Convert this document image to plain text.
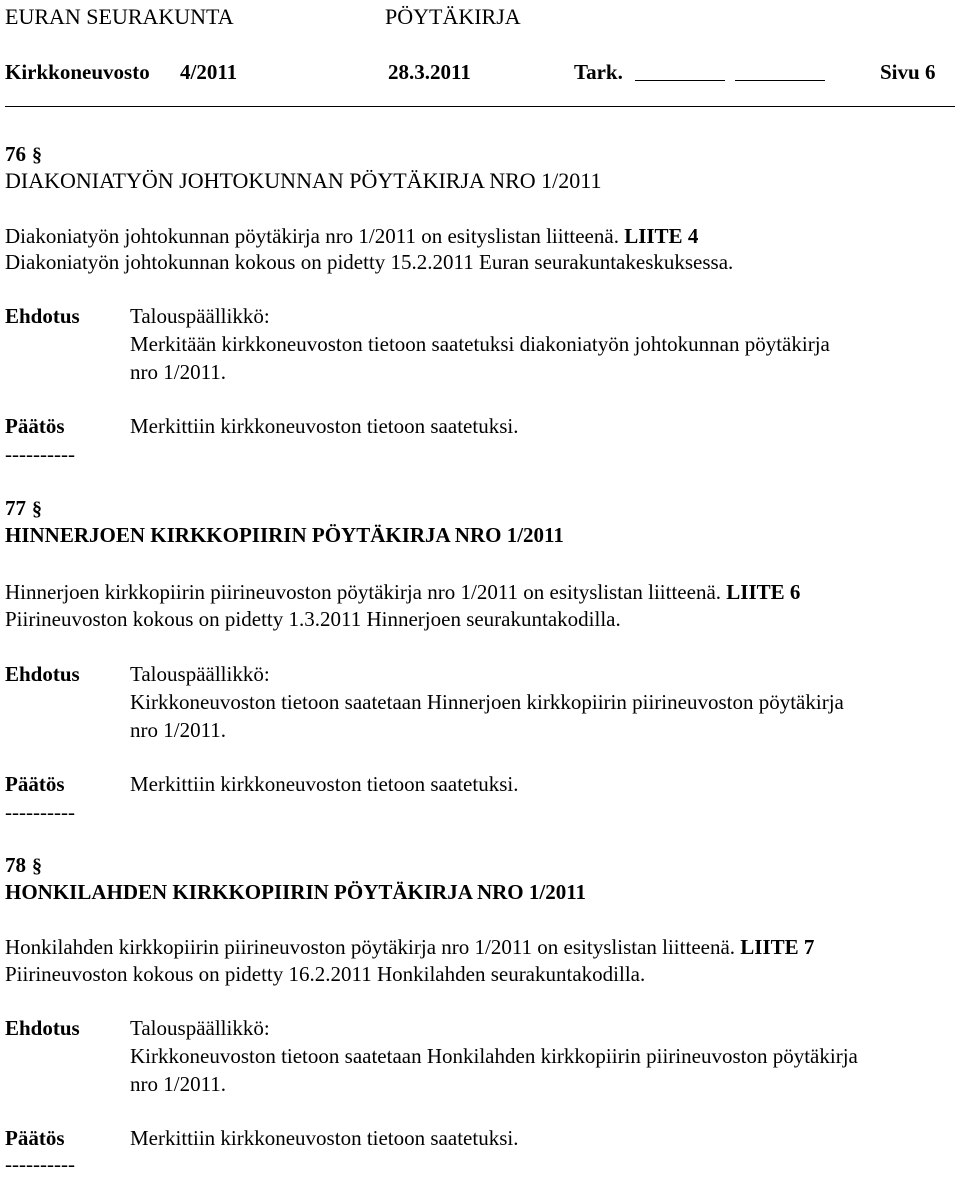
EURAN SEURAKUNTA	PÖYTÄKIRJA
Kirkkoneuvosto 4/2011	28.3.2011	Tark.	Sivu 6
76 §
DIAKONIATYÖN JOHTOKUNNAN PÖYTÄKIRJA NRO 1/2011
Diakoniatyön johtokunnan pöytäkirja nro 1/2011 on esityslistan liitteenä. LIITE 4
Diakoniatyön johtokunnan kokous on pidetty 15.2.2011 Euran seurakuntakeskuksessa.
Ehdotus Talouspäällikkö:
Merkitään kirkkoneuvoston tietoon saatetuksi diakoniatyön johtokunnan pöytäkirja
nro 1/2011.
Päätös	Merkittiin kirkkoneuvoston tietoon saatetuksi.
----------
77 §
HINNERJOEN KIRKKOPIIRIN PÖYTÄKIRJA NRO 1/2011
Hinnerjoen kirkkopiirin piirineuvoston pöytäkirja nro 1/2011 on esityslistan liitteenä. LIITE 6
Piirineuvoston kokous on pidetty 1.3.2011 Hinnerjoen seurakuntakodilla.
Ehdotus Talouspäällikkö:
Kirkkoneuvoston tietoon saatetaan Hinnerjoen kirkkopiirin piirineuvoston pöytäkirja
nro 1/2011.
Päätös	Merkittiin kirkkoneuvoston tietoon saatetuksi.
----------
78 §
HONKILAHDEN KIRKKOPIIRIN PÖYTÄKIRJA NRO 1/2011
Honkilahden kirkkopiirin piirineuvoston pöytäkirja nro 1/2011 on esityslistan liitteenä. LIITE 7
Piirineuvoston kokous on pidetty 16.2.2011 Honkilahden seurakuntakodilla.
Ehdotus Talouspäällikkö:
Kirkkoneuvoston tietoon saatetaan Honkilahden kirkkopiirin piirineuvoston pöytäkirja
nro 1/2011.
Päätös	Merkittiin kirkkoneuvoston tietoon saatetuksi.
----------
